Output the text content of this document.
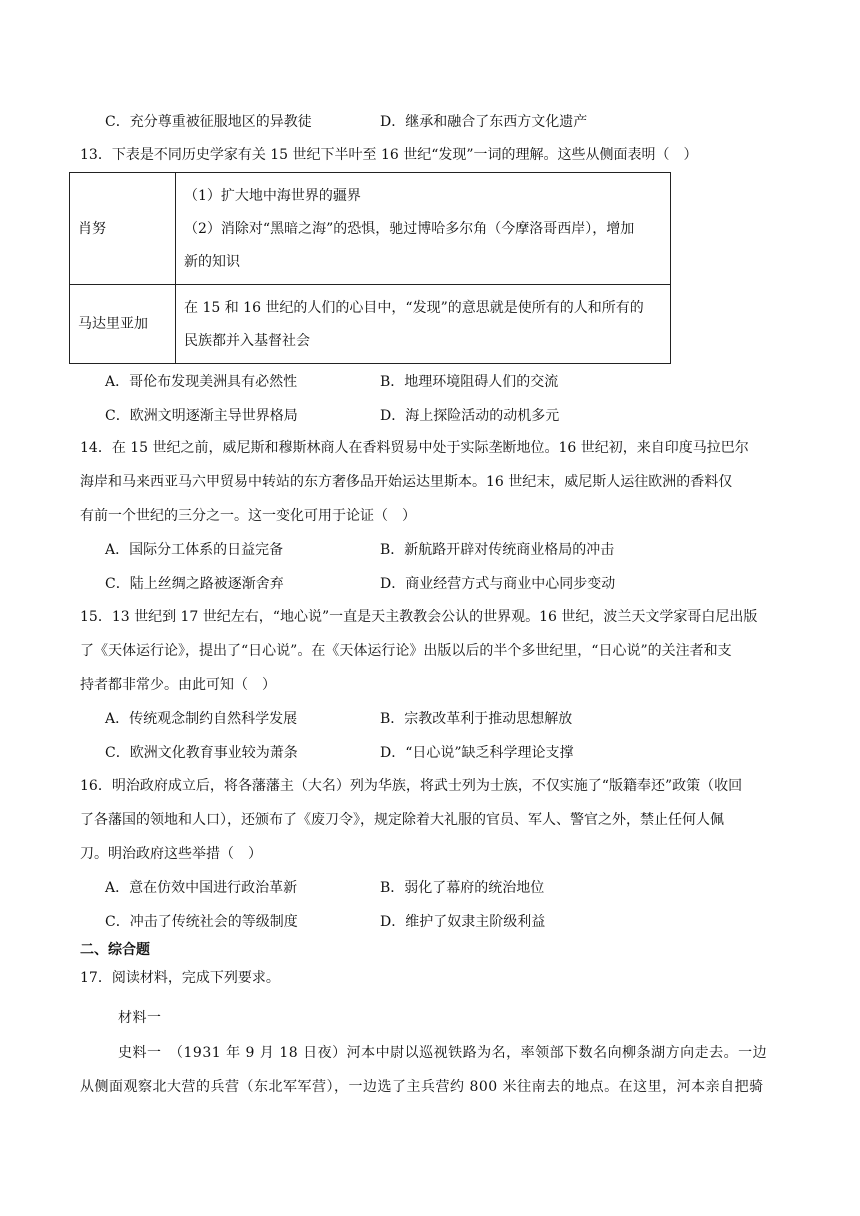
C．充分尊重被征服地区的异教徒	D．继承和融合了东西方文化遗产
13．下表是不同历史学家有关 15 世纪下半叶至 16 世纪“发现”一词的理解。这些从侧面表明（　）
肖努	（1）扩大地中海世界的疆界
（2）消除对“黑暗之海”的恐惧，驰过博哈多尔角（今摩洛哥西岸），增加
新的知识

马达里亚加	在 15 和 16 世纪的人们的心目中，“发现”的意思就是使所有的人和所有的
民族都并入基督社会
A．哥伦布发现美洲具有必然性	B．地理环境阻碍人们的交流
C．欧洲文明逐渐主导世界格局	D．海上探险活动的动机多元
14．在 15 世纪之前，威尼斯和穆斯林商人在香料贸易中处于实际垄断地位。16 世纪初，来自印度马拉巴尔
海岸和马来西亚马六甲贸易中转站的东方奢侈品开始运达里斯本。16 世纪末，威尼斯人运往欧洲的香料仅
有前一个世纪的三分之一。这一变化可用于论证（　）
A．国际分工体系的日益完备	B．新航路开辟对传统商业格局的冲击
C．陆上丝绸之路被逐渐舍弃	D．商业经营方式与商业中心同步变动
15．13 世纪到 17 世纪左右，“地心说”一直是天主教教会公认的世界观。16 世纪，波兰天文学家哥白尼出版
了《天体运行论》，提出了“日心说”。在《天体运行论》出版以后的半个多世纪里，“日心说”的关注者和支
持者都非常少。由此可知（　）
A．传统观念制约自然科学发展	B．宗教改革利于推动思想解放
C．欧洲文化教育事业较为萧条	D．“日心说”缺乏科学理论支撑
16．明治政府成立后，将各藩藩主（大名）列为华族，将武士列为士族，不仅实施了“版籍奉还”政策（收回
了各藩国的领地和人口），还颁布了《废刀令》，规定除着大礼服的官员、军人、警官之外，禁止任何人佩
刀。明治政府这些举措（　）
A．意在仿效中国进行政治革新	B．弱化了幕府的统治地位
C．冲击了传统社会的等级制度	D．维护了奴隶主阶级利益
二、综合题
17．阅读材料，完成下列要求。
材料一
史料一　（1931 年 9 月 18 日夜）河本中尉以巡视铁路为名，率领部下数名向柳条湖方向走去。一边
从侧面观察北大营的兵营（东北军军营），一边选了主兵营约 800 米往南去的地点。在这里，河本亲自把骑
